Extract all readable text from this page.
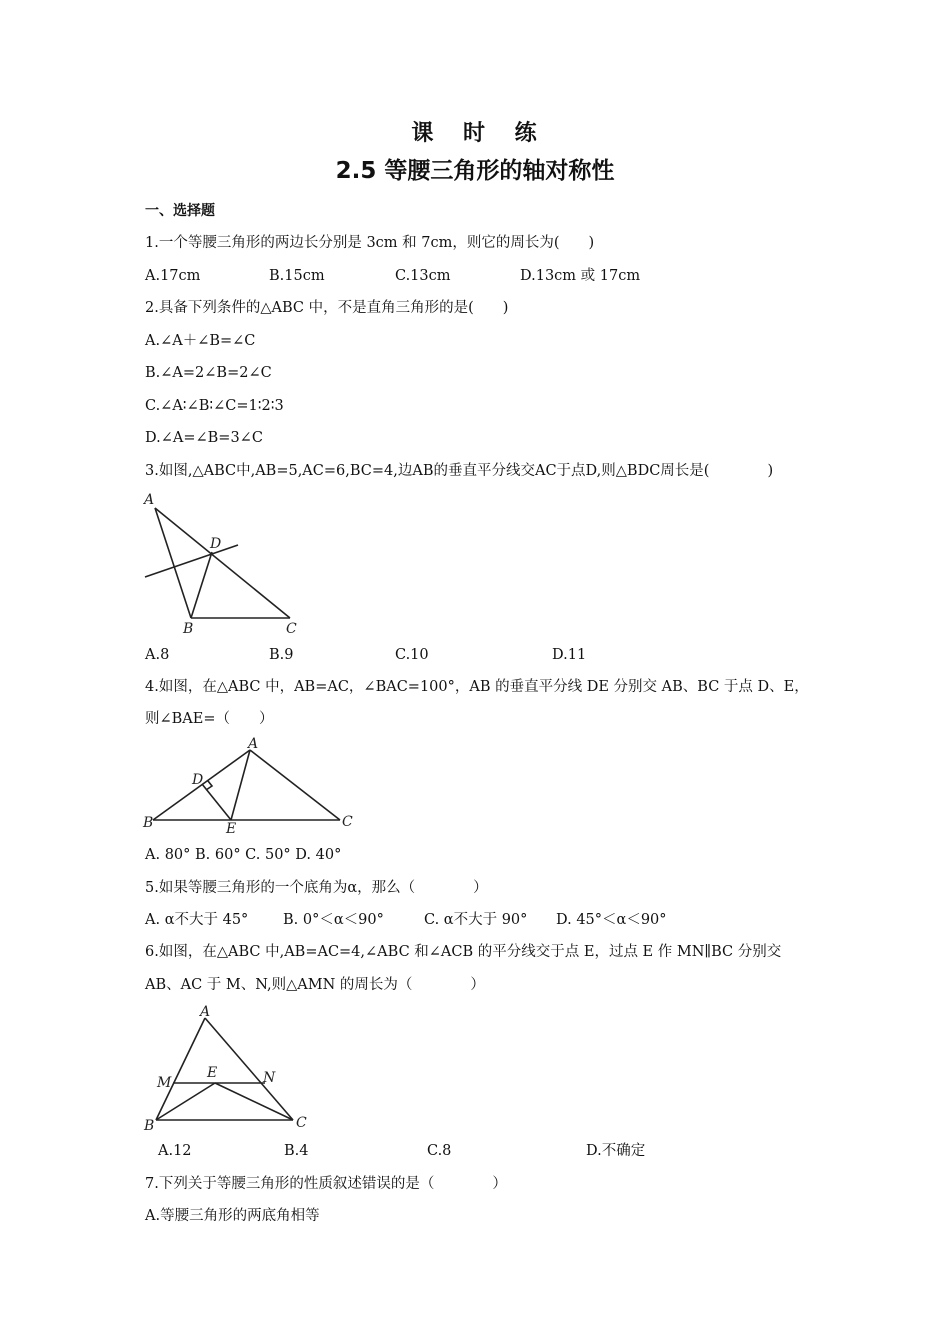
课 时 练
2.5 等腰三角形的轴对称性
一、选择题
1.一个等腰三角形的两边长分别是 3cm 和 7cm，则它的周长为(　　)
A.17cm	B.15cm	C.13cm	D.13cm 或 17cm
2.具备下列条件的△ABC 中，不是直角三角形的是(　　)
A.∠A＋∠B=∠C
B.∠A=2∠B=2∠C
C.∠A∶∠B∶∠C=1∶2∶3
D.∠A=∠B=3∠C
3.如图,△ABC中,AB=5,AC=6,BC=4,边AB的垂直平分线交AC于点D,则△BDC周长是(　　　　)
A
D
B	C
A.8	B.9	C.10	D.11
4.如图，在△ABC 中，AB=AC，∠BAC=100°，AB 的垂直平分线 DE 分别交 AB、BC 于点 D、E，
则∠BAE=（　　）
A
D
B	E	C
A. 80° B. 60° C. 50° D. 40°
5.如果等腰三角形的一个底角为α，那么（　　　　）
A. α不大于 45° B. 0°＜α＜90°	C. α不大于 90° D. 45°＜α＜90°
6.如图，在△ABC 中,AB=AC=4,∠ABC 和∠ACB 的平分线交于点 E，过点 E 作 MN∥BC 分别交
AB、AC 于 M、N,则△AMN 的周长为（　　　　）
A
M
E	N
B	C
A.12	B.4	C.8	D.不确定
7.下列关于等腰三角形的性质叙述错误的是（　　　　）
A.等腰三角形的两底角相等
